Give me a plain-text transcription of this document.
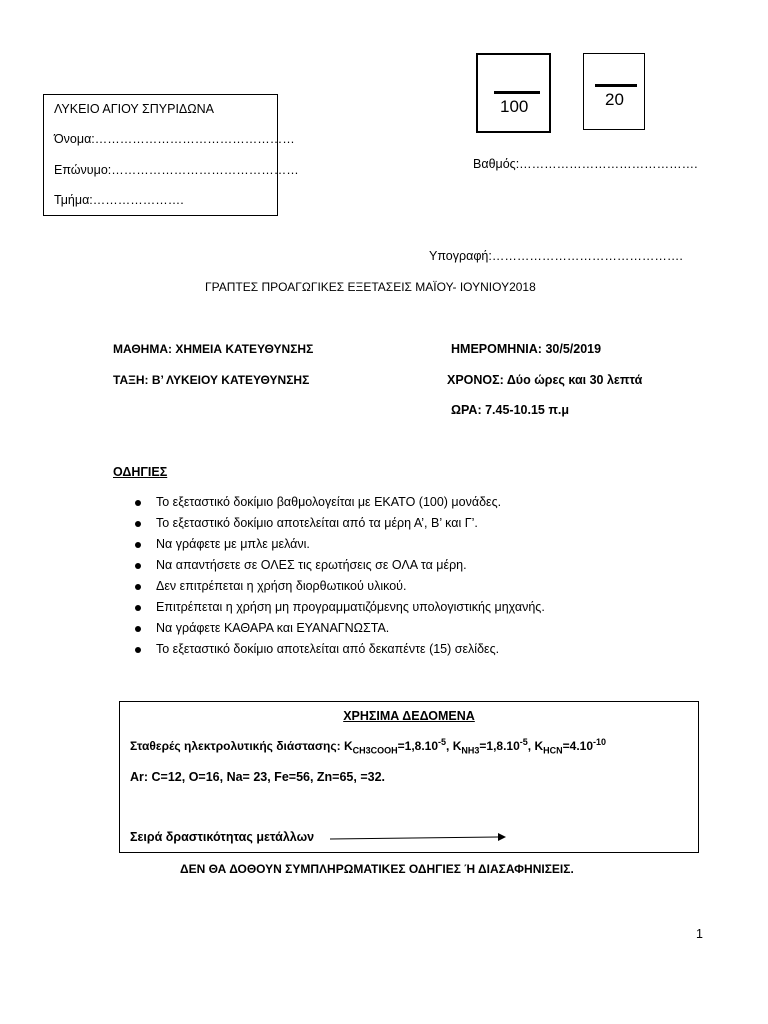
ΛΥΚΕΙΟ ΑΓΙΟΥ ΣΠΥΡΙΔΩΝΑ
Όνομα:…………………………………………
Επώνυμο:………………………………………
Τμήμα:………………….
100	20
Βαθμός:…………………………………….
Υπογραφή:……………………………………….
ΓΡΑΠΤΕΣ ΠΡΟΑΓΩΓΙΚΕΣ ΕΞΕΤΑΣΕΙΣ ΜΑΪΟΥ- ΙΟΥΝΙΟΥ2018
ΜΑΘΗΜΑ: ΧΗΜΕΙΑ ΚΑΤΕΥΘΥΝΣΗΣ
ΤΑΞΗ: Β’ ΛΥΚΕΙΟΥ ΚΑΤΕΥΘΥΝΣΗΣ
ΗΜΕΡΟΜΗΝΙΑ: 30/5/2019
ΧΡΟΝΟΣ: Δύο ώρες και 30 λεπτά
ΩΡΑ: 7.45-10.15 π.μ
ΟΔΗΓΙΕΣ
Το εξεταστικό δοκίμιο βαθμολογείται με ΕΚΑΤΟ (100) μονάδες.
Το εξεταστικό δοκίμιο αποτελείται από τα μέρη Α’, Β’ και Γ’.
Να γράφετε με μπλε μελάνι.
Να απαντήσετε σε ΟΛΕΣ τις ερωτήσεις σε ΟΛΑ τα μέρη.
Δεν επιτρέπεται η χρήση διορθωτικού υλικού.
Επιτρέπεται η χρήση μη προγραμματιζόμενης υπολογιστικής μηχανής.
Να γράφετε ΚΑΘΑΡΑ και ΕΥΑΝΑΓΝΩΣΤΑ.
Το εξεταστικό δοκίμιο αποτελείται από δεκαπέντε (15) σελίδες.
ΧΡΗΣΙΜΑ ΔΕΔΟΜΕΝΑ
Σταθερές ηλεκτρολυτικής διάστασης: $K_{CH3COOH}=1,8.10^{-5}$, $K_{NH3}=1,8.10^{-5}$, $K_{HCN}=4.10^{-10}$
Ar: C=12, O=16, Na= 23, Fe=56, Zn=65, =32.
Σειρά δραστικότητας μετάλλων
ΔΕΝ ΘΑ ΔΟΘΟΥΝ ΣΥΜΠΛΗΡΩΜΑΤΙΚΕΣ ΟΔΗΓΙΕΣ Ή ΔΙΑΣΑΦΗΝΙΣΕΙΣ.
1
